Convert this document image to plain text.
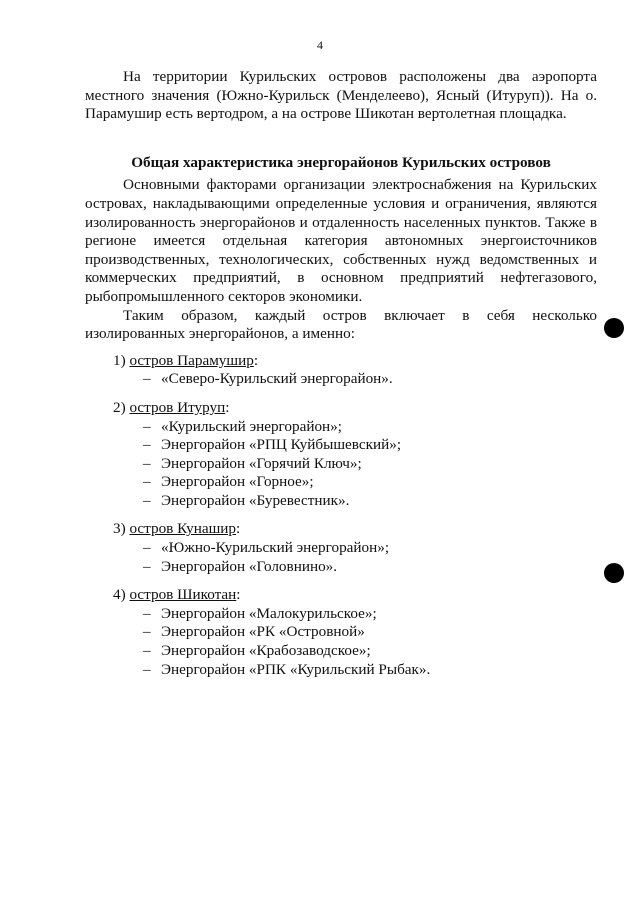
4

На территории Курильских островов расположены два аэропорта местного значения (Южно-Курильск (Менделеево), Ясный (Итуруп)). На о. Парамушир есть вертодром, а на острове Шикотан вертолетная площадка.

Общая характеристика энергорайонов Курильских островов

Основными факторами организации электроснабжения на Курильских островах, накладывающими определенные условия и ограничения, являются изолированность энергорайонов и отдаленность населенных пунктов. Также в регионе имеется отдельная категория автономных энергоисточников производственных, технологических, собственных нужд ведомственных и коммерческих предприятий, в основном предприятий нефтегазового, рыбопромышленного секторов экономики.

Таким образом, каждый остров включает в себя несколько изолированных энергорайонов, а именно:

1) остров Парамушир:
– «Северо-Курильский энергорайон».
2) остров Итуруп:
– «Курильский энергорайон»;
– Энергорайон «РПЦ Куйбышевский»;
– Энергорайон «Горячий Ключ»;
– Энергорайон «Горное»;
– Энергорайон «Буревестник».
3) остров Кунашир:
– «Южно-Курильский энергорайон»;
– Энергорайон «Головнино».
4) остров Шикотан:
– Энергорайон «Малокурильское»;
– Энергорайон «РК «Островной»
– Энергорайон «Крабозаводское»;
– Энергорайон «РПК «Курильский Рыбак».
